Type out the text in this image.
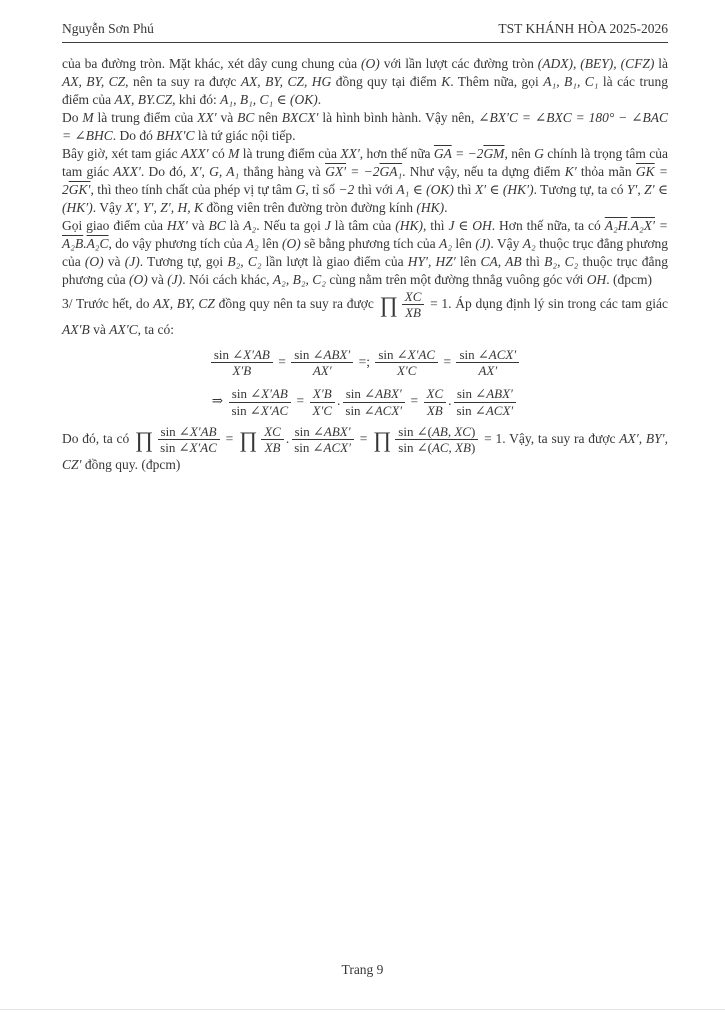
Nguyễn Sơn Phú	TST KHÁNH HÒA 2025-2026
của ba đường tròn. Mặt khác, xét dây cung chung của (O) với lần lượt các đường tròn (ADX), (BEY), (CFZ) là AX, BY, CZ, nên ta suy ra được AX, BY, CZ, HG đồng quy tại điểm K. Thêm nữa, gọi A₁, B₁, C₁ là các trung điểm của AX, BY.CZ, khi đó: A₁, B₁, C₁ ∈ (OK).
Do M là trung điểm của XX′ và BC nên BXCX′ là hình bình hành. Vậy nên, ∠BX′C = ∠BXC = 180° − ∠BAC = ∠BHC. Do đó BHX′C là tứ giác nội tiếp.
Bây giờ, xét tam giác AXX′ có M là trung điểm của XX′, hơn thế nữa $\overline{GA} = -2\overline{GM}$, nên G chính là trọng tâm của tam giác AXX′. Do đó, X′, G, A₁ thẳng hàng và GX′ = −2GA₁. Như vậy, nếu ta dựng điểm K′ thỏa mãn $\overline{GK} = 2GK'$, thì theo tính chất của phép vị tự tâm G, tỉ số −2 thì với A₁ ∈ (OK) thì X′ ∈ (HK′). Tương tự, ta có Y′, Z′ ∈ (HK′). Vậy X′, Y′, Z′, H, K đồng viên trên đường tròn đường kính (HK).
Gọi giao điểm của HX′ và BC là A₂. Nếu ta gọi J là tâm của (HK), thì J ∈ OH. Hơn thế nữa, ta có A₂H.A₂X′ = A₂B.A₂C, do vậy phương tích của A₂ lên (O) sẽ bằng phương tích của A₂ lên (J). Vậy A₂ thuộc trục đẳng phương của (O) và (J). Tương tự, gọi B₂, C₂ lần lượt là giao điểm của HY′, HZ′ lên CA, AB thì B₂, C₂ thuộc trục đẳng phương của (O) và (J). Nói cách khác, A₂, B₂, C₂ cùng nằm trên một đường thnẳg vuông góc với OH. (đpcm)
3/ Trước hết, do AX, BY, CZ đồng quy nên ta suy ra được ∏ $\frac{XC}{XB} = 1$. Áp dụng định lý sin trong các tam giác AX′B và AX′C, ta có:
$\frac{\sin \angle X'AB}{X'B} = \frac{\text{sin ∠ABX′}}{AX'}$ =; $\frac{\sin \angle X'AC}{X'C} = \frac{\text{sin ∠ACX′}}{AX'}$
⇒ $\frac{\sin \angle X'AB}{\sin \angle X'AC} = \frac{X'B}{X'C}$ . $\frac{\text{sin ∠ABX′}}{\text{sin ∠ACX′}} = \frac{XC}{XB}$ . $\frac{\text{sin ∠ABX′}}{\text{sin ∠ACX′}}$
Do đó, ta có ∏ $\frac{\sin \angle X'AB}{\sin \angle X'AC}$ = ∏ $\frac{XC}{XB}$ . $\frac{\text{sin ∠ABX′}}{\text{sin ∠ACX′}}$ = ∏ $\frac{\sin \angle(AB, XC)}{\sin \angle(AC, XB)} = 1$. Vậy, ta suy ra được AX′, BY′, CZ′ đồng quy. (đpcm)
Trang 9
